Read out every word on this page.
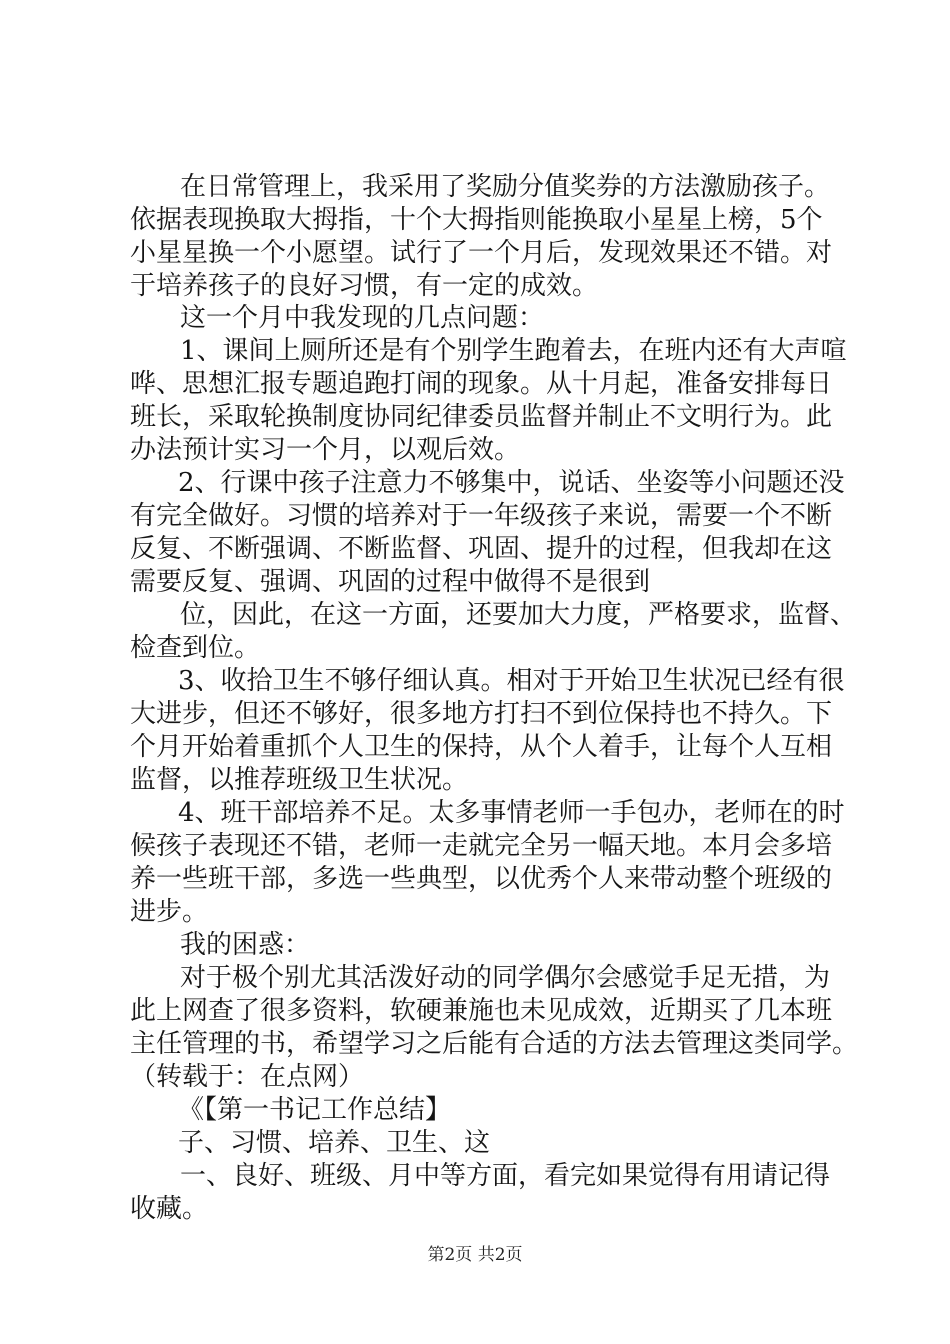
在日常管理上，我采用了奖励分值奖券的方法激励孩子。
依据表现换取大拇指，十个大拇指则能换取小星星上榜，5个
小星星换一个小愿望。试行了一个月后，发现效果还不错。对
于培养孩子的良好习惯，有一定的成效。
这一个月中我发现的几点问题：
1、课间上厕所还是有个别学生跑着去，在班内还有大声喧
哗、思想汇报专题追跑打闹的现象。从十月起，准备安排每日
班长，采取轮换制度协同纪律委员监督并制止不文明行为。此
办法预计实习一个月，以观后效。
2、行课中孩子注意力不够集中，说话、坐姿等小问题还没
有完全做好。习惯的培养对于一年级孩子来说，需要一个不断
反复、不断强调、不断监督、巩固、提升的过程，但我却在这
需要反复、强调、巩固的过程中做得不是很到
位，因此，在这一方面，还要加大力度，严格要求，监督、
检查到位。
3、收拾卫生不够仔细认真。相对于开始卫生状况已经有很
大进步，但还不够好，很多地方打扫不到位保持也不持久。下
个月开始着重抓个人卫生的保持，从个人着手，让每个人互相
监督，以推荐班级卫生状况。
4、班干部培养不足。太多事情老师一手包办，老师在的时
候孩子表现还不错，老师一走就完全另一幅天地。本月会多培
养一些班干部，多选一些典型，以优秀个人来带动整个班级的
进步。
我的困惑：
对于极个别尤其活泼好动的同学偶尔会感觉手足无措，为
此上网查了很多资料，软硬兼施也未见成效，近期买了几本班
主任管理的书，希望学习之后能有合适的方法去管理这类同学。
（转载于：在点网）
《【第一书记工作总结】
子、习惯、培养、卫生、这
一、良好、班级、月中等方面，看完如果觉得有用请记得
收藏。
第2页 共2页
